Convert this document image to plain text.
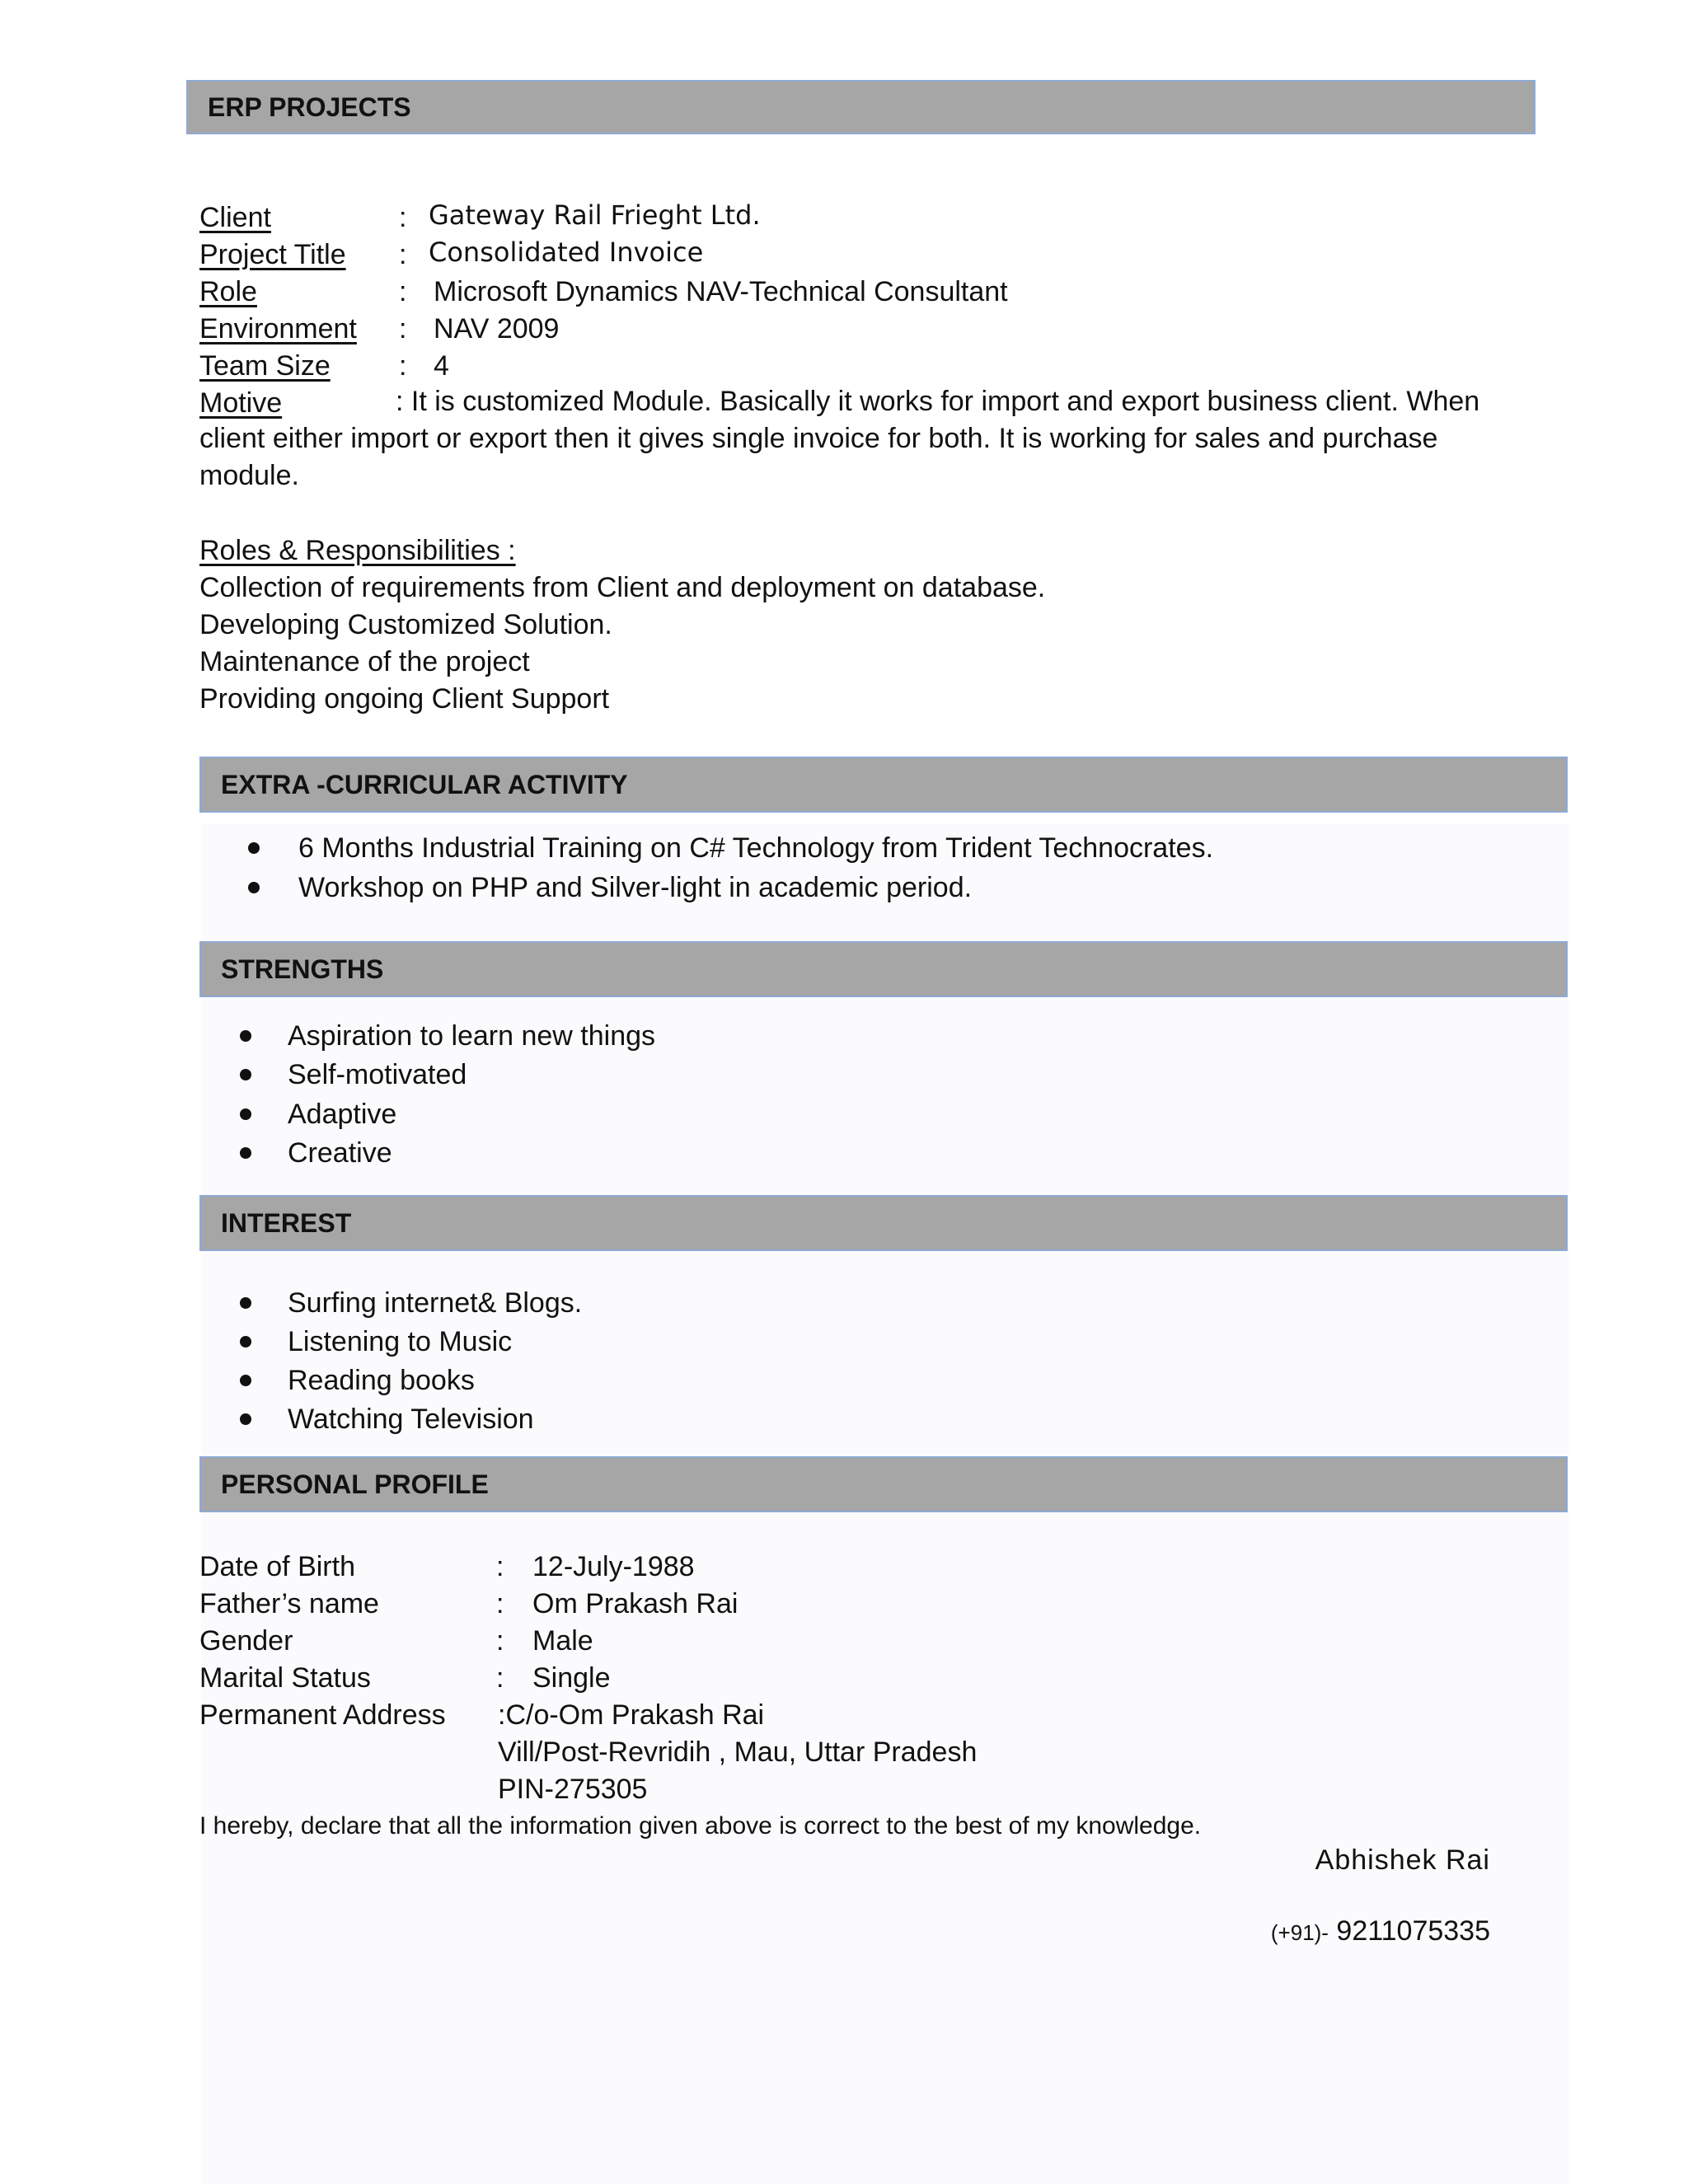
ERP PROJECTS
Client	: Gateway Rail Frieght Ltd.
Project Title : Consolidated Invoice
Role	: Microsoft Dynamics NAV-Technical Consultant
Environment : NAV 2009
Team Size : 4
Motive	: It is customized Module. Basically it works for import and export business client. When client either import or export then it gives single invoice for both. It is working for sales and purchase module.
Roles & Responsibilities :
Collection of requirements from Client and deployment on database.
Developing Customized Solution.
Maintenance of the project
Providing ongoing Client Support
EXTRA -CURRICULAR ACTIVITY
6 Months Industrial Training on C# Technology from Trident Technocrates.
Workshop on PHP and Silver-light in academic period.
STRENGTHS
Aspiration to learn new things
Self-motivated
Adaptive
Creative
INTEREST
Surfing internet& Blogs.
Listening to Music
Reading books
Watching Television
PERSONAL PROFILE
Date of Birth	: 12-July-1988
Father’s name	: Om Prakash Rai
Gender	: Male
Marital Status	: Single
Permanent Address :C/o-Om Prakash Rai
Vill/Post-Revridih , Mau, Uttar Pradesh
PIN-275305
I hereby, declare that all the information given above is correct to the best of my knowledge.
Abhishek Rai
(+91)- 9211075335
